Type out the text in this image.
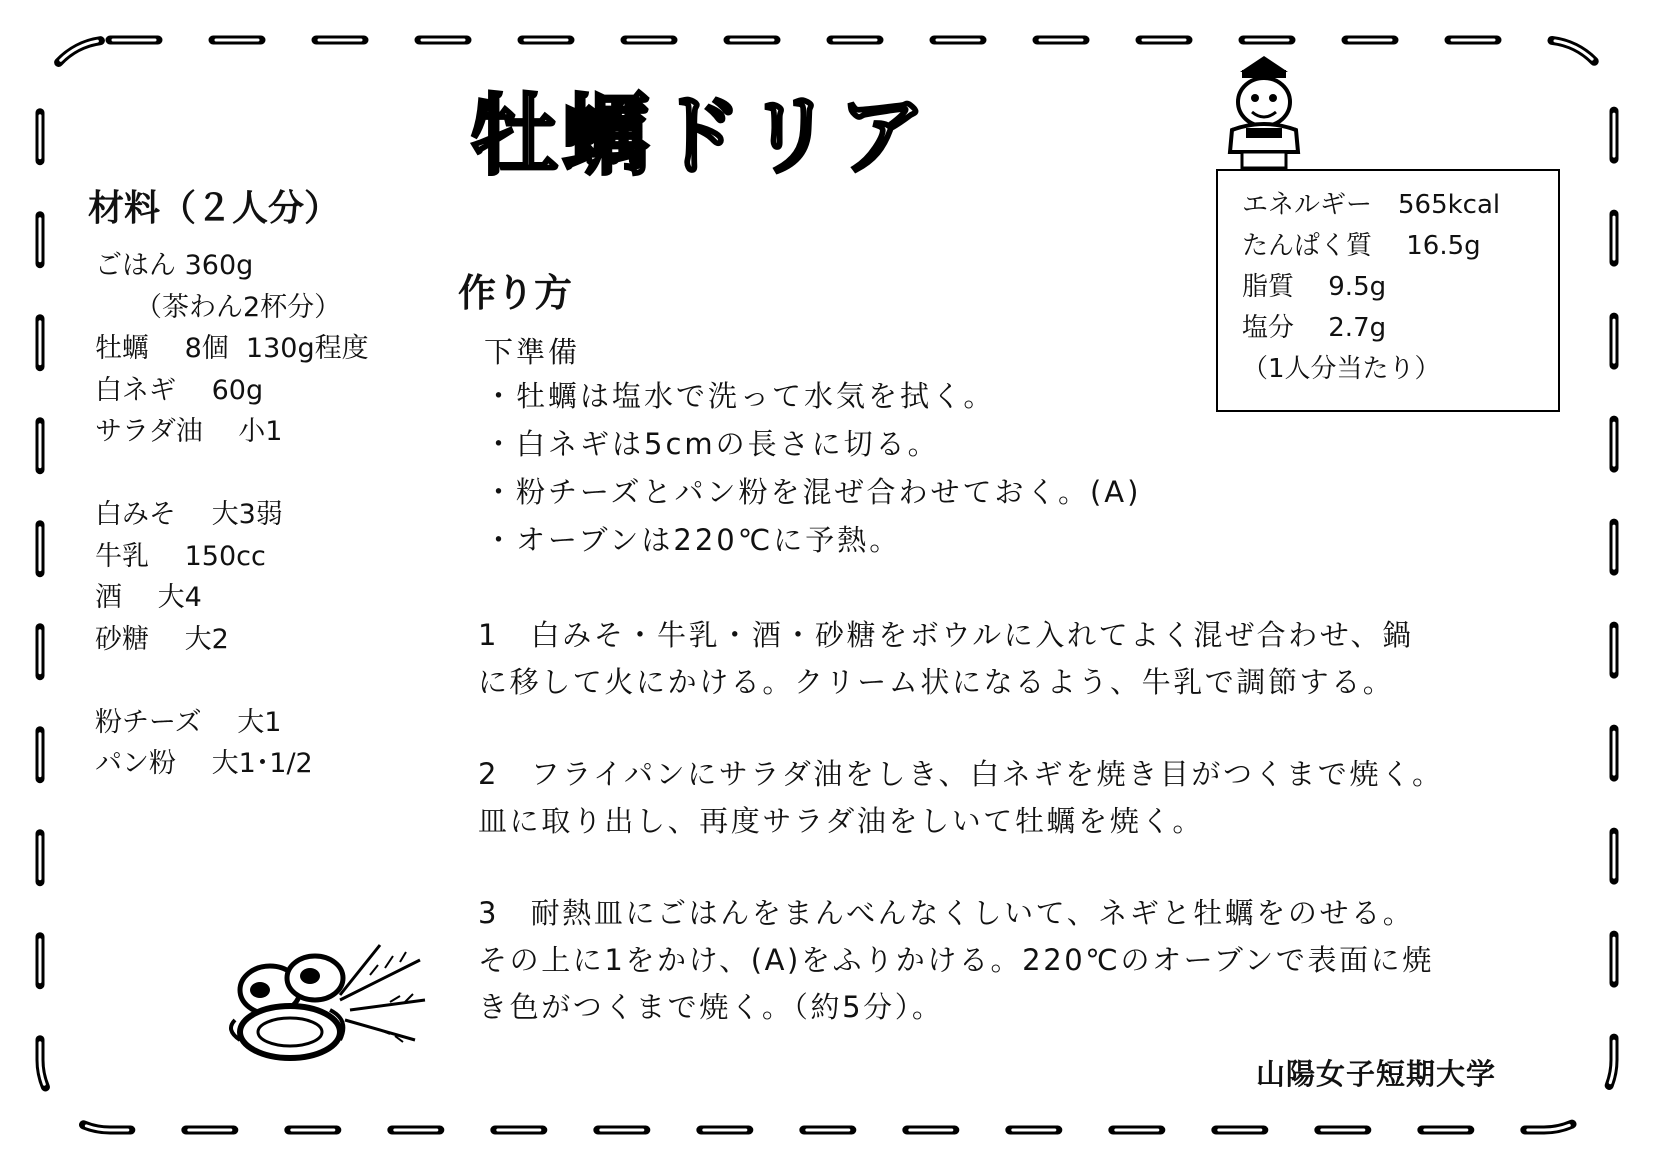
牡蠣ドリア
材料（２人分）
ごはん 360g
（茶わん2杯分）
牡蠣　 8個  130g程度
白ネギ　 60g
サラダ油　 小1
白みそ　 大3弱
牛乳　 150cc
酒　 大4
砂糖　 大2
粉チーズ　 大1
パン粉　 大1･1/2
作り方
下準備
・牡蠣は塩水で洗って水気を拭く。
・白ネギは5cmの長さに切る。
・粉チーズとパン粉を混ぜ合わせておく。(A)
・オーブンは220℃に予熱。
1　白みそ・牛乳・酒・砂糖をボウルに入れてよく混ぜ合わせ、鍋
に移して火にかける。クリーム状になるよう、牛乳で調節する。
2　フライパンにサラダ油をしき、白ネギを焼き目がつくまで焼く。
皿に取り出し、再度サラダ油をしいて牡蠣を焼く。
3　耐熱皿にごはんをまんべんなくしいて、ネギと牡蠣をのせる。
その上に1をかけ、(A)をふりかける。220℃のオーブンで表面に焼
き色がつくまで焼く。（約5分）。
エネルギー　565kcal
たんぱく質　 16.5g
脂質　 9.5g
塩分　 2.7g
（1人分当たり）
山陽女子短期大学
